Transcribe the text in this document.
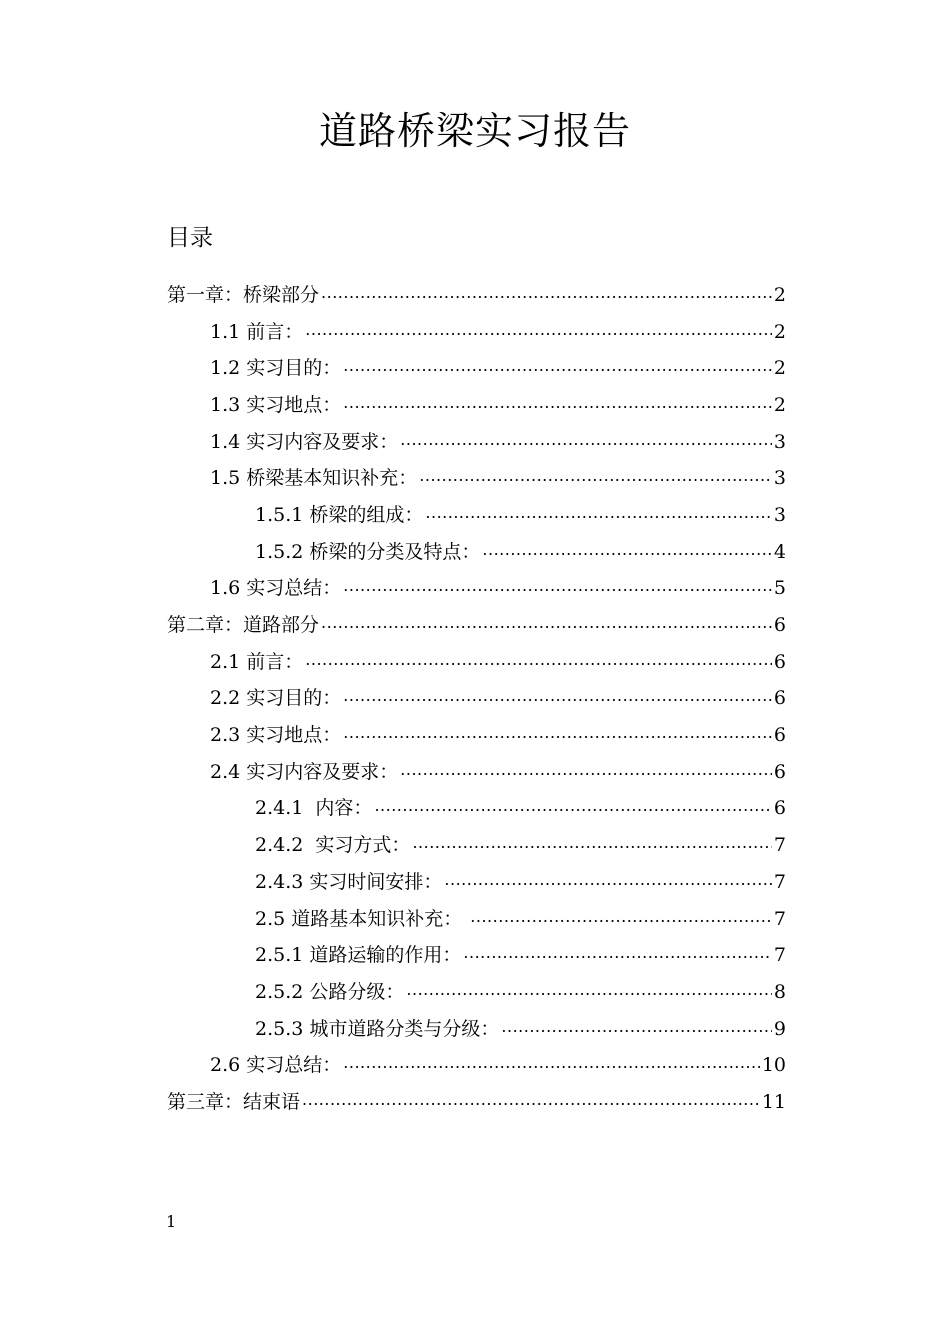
道路桥梁实习报告
目录
第一章：桥梁部分 .....	2
1.1 前言： .....	2
1.2 实习目的： .....	2
1.3 实习地点： .....	2
1.4 实习内容及要求： .....	3
1.5 桥梁基本知识补充： .....	3
1.5.1 桥梁的组成： .....	3
1.5.2 桥梁的分类及特点： .....	4
1.6 实习总结： .....	5
第二章：道路部分 .....	6
2.1 前言： .....	6
2.2 实习目的： .....	6
2.3 实习地点： .....	6
2.4 实习内容及要求： .....	6
2.4.1  内容： .....	6
2.4.2  实习方式： .....	7
2.4.3 实习时间安排： .....	7
2.5 道路基本知识补充： .....	7
2.5.1 道路运输的作用： .....	7
2.5.2 公路分级： .....	8
2.5.3 城市道路分类与分级： .....	9
2.6 实习总结： .....	10
第三章：结束语 .....	11
1
